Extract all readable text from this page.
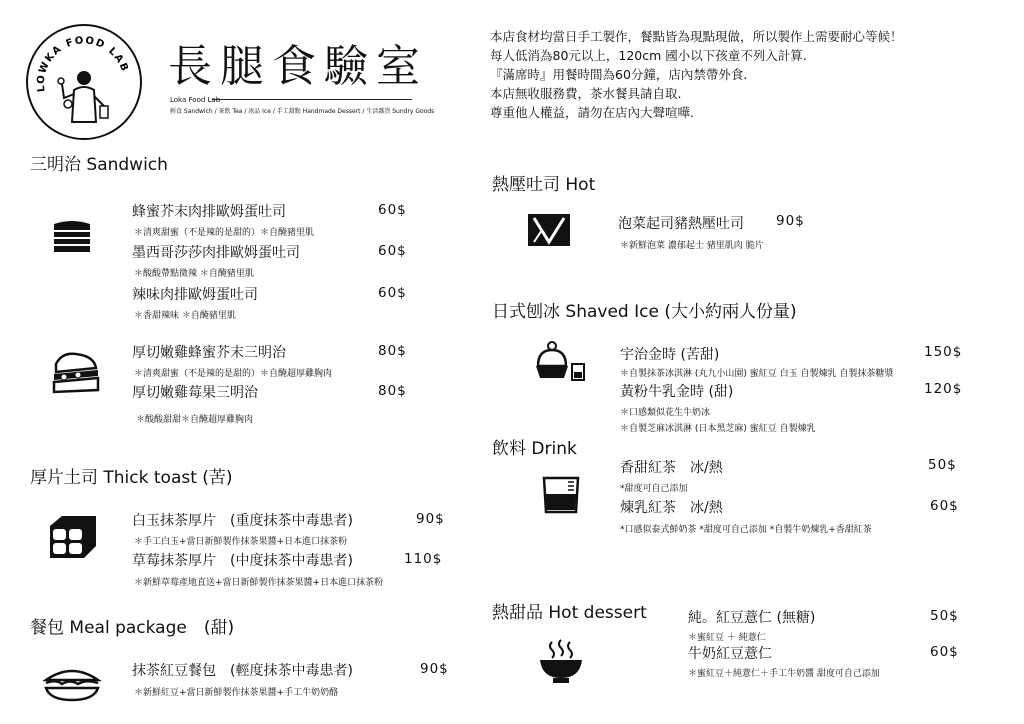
LOWKA FOOD LAB 長腿食驗室
Loka Food Lab
輕食 Sandwich / 茶飲 Tea / 冰品 Ice / 手工甜點 Handmade Dessert / 生活雜貨 Sundry Goods
本店食材均當日手工製作，餐點皆為現點現做，所以製作上需要耐心等候！
每人低消為80元以上，120cm 國小以下孩童不列入計算.
『滿席時』用餐時間為60分鐘，店內禁帶外食.
本店無收服務費，茶水餐具請自取.
尊重他人權益，請勿在店內大聲喧嘩.
三明治 Sandwich
蜂蜜芥末肉排歐姆蛋吐司	60$
＊清爽甜蜜（不是辣的是甜的）＊自醃豬里肌
墨西哥莎莎肉排歐姆蛋吐司	60$
＊酸酸帶點微辣 ＊自醃豬里肌
辣味肉排歐姆蛋吐司	60$
＊香甜辣味 ＊自醃豬里肌
厚切嫩雞蜂蜜芥末三明治	80$
＊清爽甜蜜（不是辣的是甜的）＊自醃超厚雞胸肉
厚切嫩雞莓果三明治	80$
＊酸酸甜甜＊自醃超厚雞胸肉
厚片土司 Thick toast (苦)
白玉抹茶厚片　(重度抹茶中毒患者)	90$
＊手工白玉+當日新鮮製作抹茶果醬+日本進口抹茶粉
草莓抹茶厚片　(中度抹茶中毒患者)	110$
＊新鮮草莓產地直送+當日新鮮製作抹茶果醬+日本進口抹茶粉
餐包 Meal package　(甜)
抹茶紅豆餐包　(輕度抹茶中毒患者)	90$
＊新鮮紅豆+當日新鮮製作抹茶果醬+手工牛奶奶酪
熱壓吐司 Hot
泡菜起司豬熱壓吐司 90$
＊新鮮泡菜 濃郁起士 豬里肌肉 脆片
日式刨冰 Shaved Ice (大小約兩人份量)
宇治金時 (苦甜)	150$
＊自製抹茶冰淇淋 (丸九小山園) 蜜紅豆 白玉 自製煉乳 自製抹茶糖漿
黃粉牛乳金時 (甜)	120$
＊口感類似花生牛奶冰
＊自製芝麻冰淇淋 (日本黑芝麻) 蜜紅豆 自製煉乳
飲料 Drink
香甜紅茶　冰/熱	50$
*甜度可自己添加
煉乳紅茶　冰/熱	60$
*口感似泰式鮮奶茶 *甜度可自己添加 *自製牛奶煉乳+香甜紅茶
熱甜品 Hot dessert	純。紅豆薏仁 (無糖)	50$
＊蜜紅豆 ＋ 純薏仁
牛奶紅豆薏仁	60$
＊蜜紅豆＋純薏仁＋手工牛奶醬 甜度可自己添加
